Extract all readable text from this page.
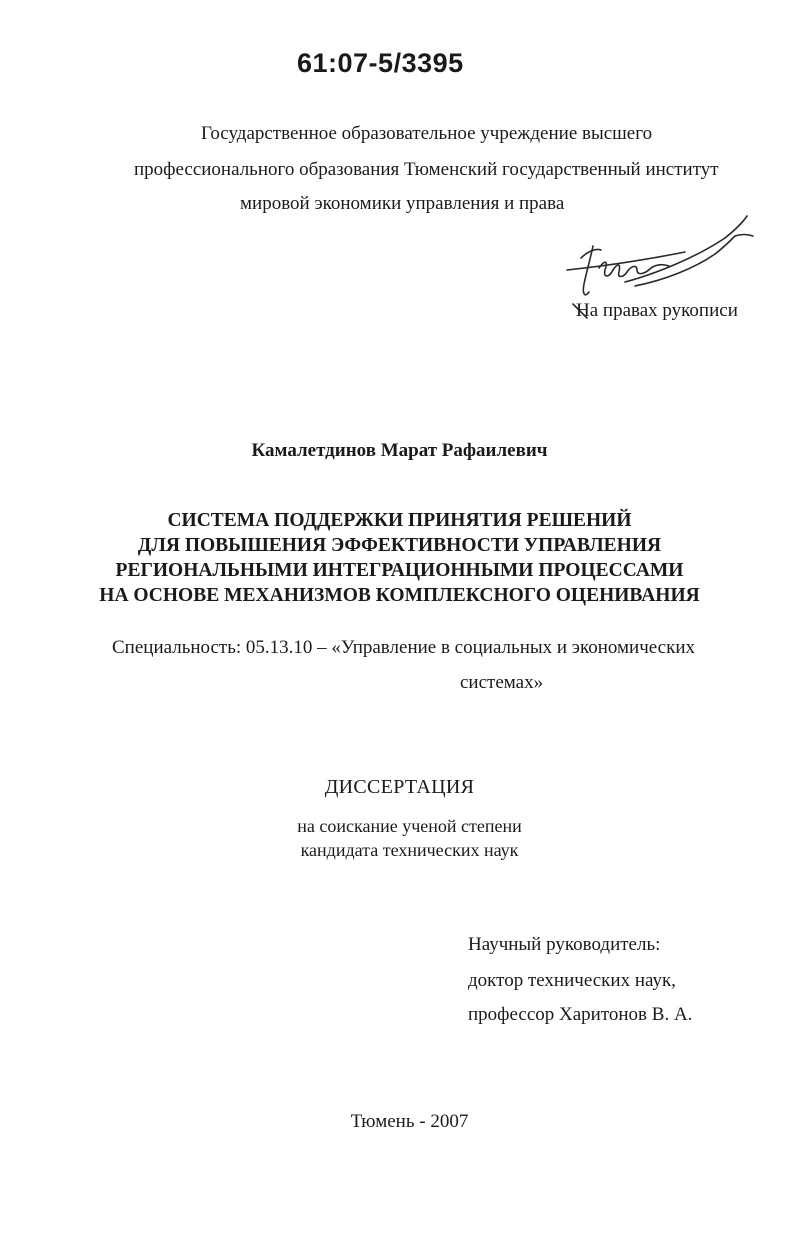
61:07-5/3395
Государственное образовательное учреждение высшего
профессионального образования Тюменский государственный институт
мировой экономики управления и права
На правах рукописи
Камалетдинов Марат Рафаилевич
СИСТЕМА ПОДДЕРЖКИ ПРИНЯТИЯ РЕШЕНИЙ
ДЛЯ ПОВЫШЕНИЯ ЭФФЕКТИВНОСТИ УПРАВЛЕНИЯ
РЕГИОНАЛЬНЫМИ ИНТЕГРАЦИОННЫМИ ПРОЦЕССАМИ
НА ОСНОВЕ МЕХАНИЗМОВ КОМПЛЕКСНОГО ОЦЕНИВАНИЯ
Специальность: 05.13.10 – «Управление в социальных и экономических
системах»
ДИССЕРТАЦИЯ
на соискание ученой степени
кандидата технических наук
Научный руководитель:
доктор технических наук,
профессор Харитонов В. А.
Тюмень - 2007
